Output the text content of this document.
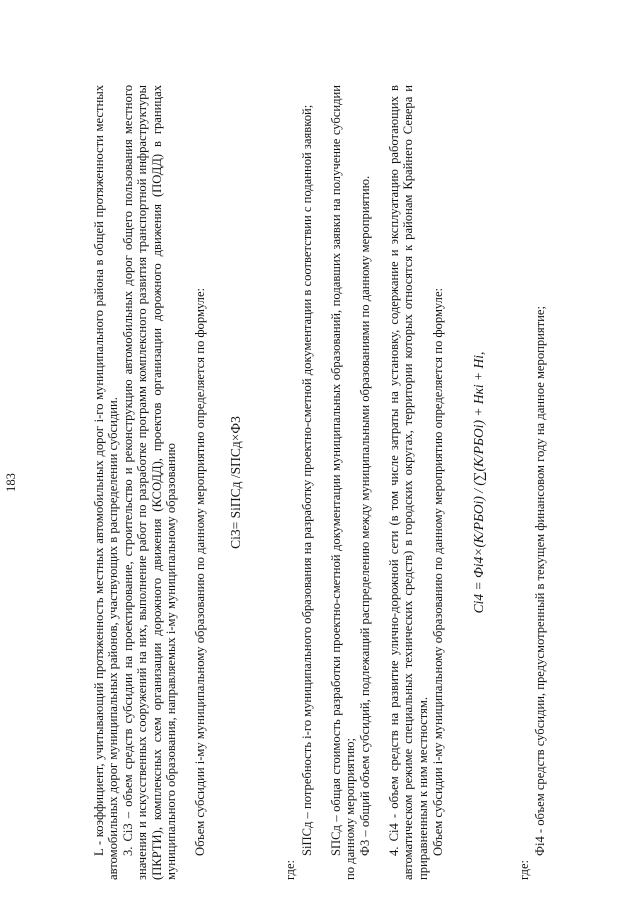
183	L - коэффициент, учитывающий протяженность местных автомобильных дорог i-го муниципального района в общей протяженности местных автомобильных дорог муниципальных районов, участвующих в распределении субсидии. 3. Сi3 – объем средств субсидии на проектирование, строительство и реконструкцию автомобильных дорог общего пользования местного значения и искусственных сооружений на них, выполнение работ по разработке программ комплексного развития транспортной инфраструктуры (ПКРТИ), комплексных схем организации дорожного движения (КСОДД), проектов организации дорожного движения (ПОДД) в границах муниципального образования, направляемых i-му муниципальному образованию Объем субсидии i-му муниципальному образованию по данному мероприятию определяется по формуле: Сi3= SiПСд /SПСд×Ф3
где:
SiПСд – потребность i-го муниципального образования на разработку проектно-сметной документации в соответствии с поданной заявкой; SПСд – общая стоимость разработки проектно-сметной документации муниципальных образований, подавших заявки на получение субсидии по данному мероприятию; Ф3 – общий объем субсидий, подлежащий распределению между муниципальными образованиями по данному мероприятию. 4. Сi4 - объем средств на развитие улично-дорожной сети (в том числе затраты на установку, содержание и эксплуатацию работающих в автоматическом режиме специальных технических средств) в городских округах, территории которых относятся к районам Крайнего Севера и приравненным к ним местностям. Объем субсидии i-му муниципальному образованию по данному мероприятию определяется по формуле: Сi4 = Фi4×(K/РБОi) / (∑(K/РБОi) + Нкi + Нi,
где:
Фi4 - объем средств субсидии, предусмотренный в текущем финансовом году на данное мероприятие;
